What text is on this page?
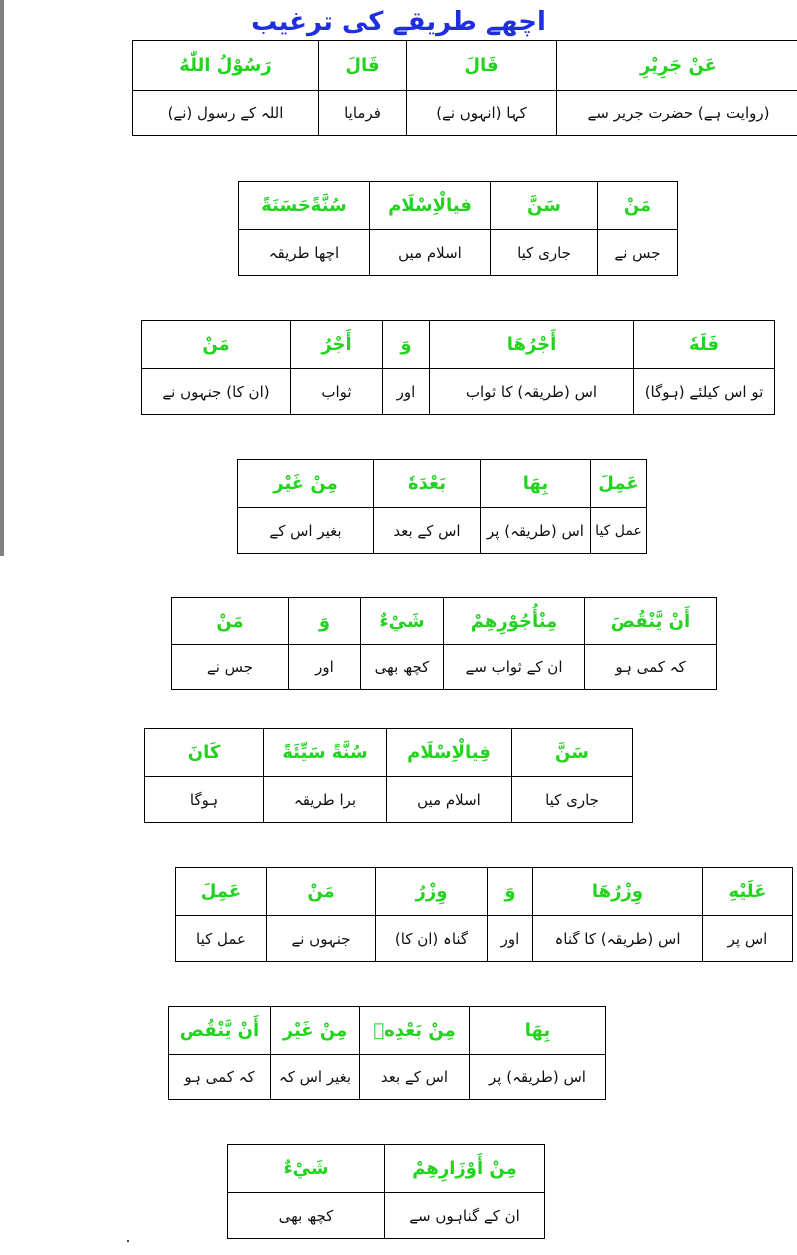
اچھے طریقے کی ترغیب
عَنْ جَرِيْرِ	قَالَ	قَالَ	رَسُوْلُ اللّٰهُ
(روایت ہے) حضرت جریر سے	کہا (انہوں نے)	فرمایا	اللہ کے رسول (نے)
مَنْ	سَنَّ	فيالْاِسْلَام	سُنَّةًحَسَنَةً
جس نے	جاری کیا	اسلام میں	اچھا طریقہ
فَلَهٗ	أَجْرُهَا	وَ	أَجْرُ	مَنْ
تو اس کیلئے (ہوگا)	اس (طریقہ) کا ثواب	اور	ثواب	(ان کا) جنہوں نے
عَمِلَ	بِهَا	بَعْدَهٗ	مِنْ غَيْر
عمل کیا	اس (طریقہ) پر	اس کے بعد	بغیر اس کے
أَنْ يَّنْقُصَ	مِنْأُجُوْرِهِمْ	شَيْءٌ	وَ	مَنْ
کہ کمی ہو	ان کے ثواب سے	کچھ بھی	اور	جس نے
سَنَّ	فِيالْاِسْلَام	سُنَّةً سَيِّئَةً	كَانَ
جاری کیا	اسلام میں	برا طریقہ	ہوگا
عَلَيْهِ	وِزْرُهَا	وَ	وِزْرُ	مَنْ	عَمِلَ
اس پر	اس (طریقہ) کا گناہ	اور	گناہ (ان کا)	جنہوں نے	عمل کیا
بِهَا	مِنْ بَعْدِهٖ	مِنْ غَيْر	أَنْ يَّنْقُص
اس (طریقہ) پر	اس کے بعد	بغیر اس کہ	کہ کمی ہو
مِنْ أَوْزَارِهِمْ	شَيْءٌ
ان کے گناہوں سے	کچھ بھی
